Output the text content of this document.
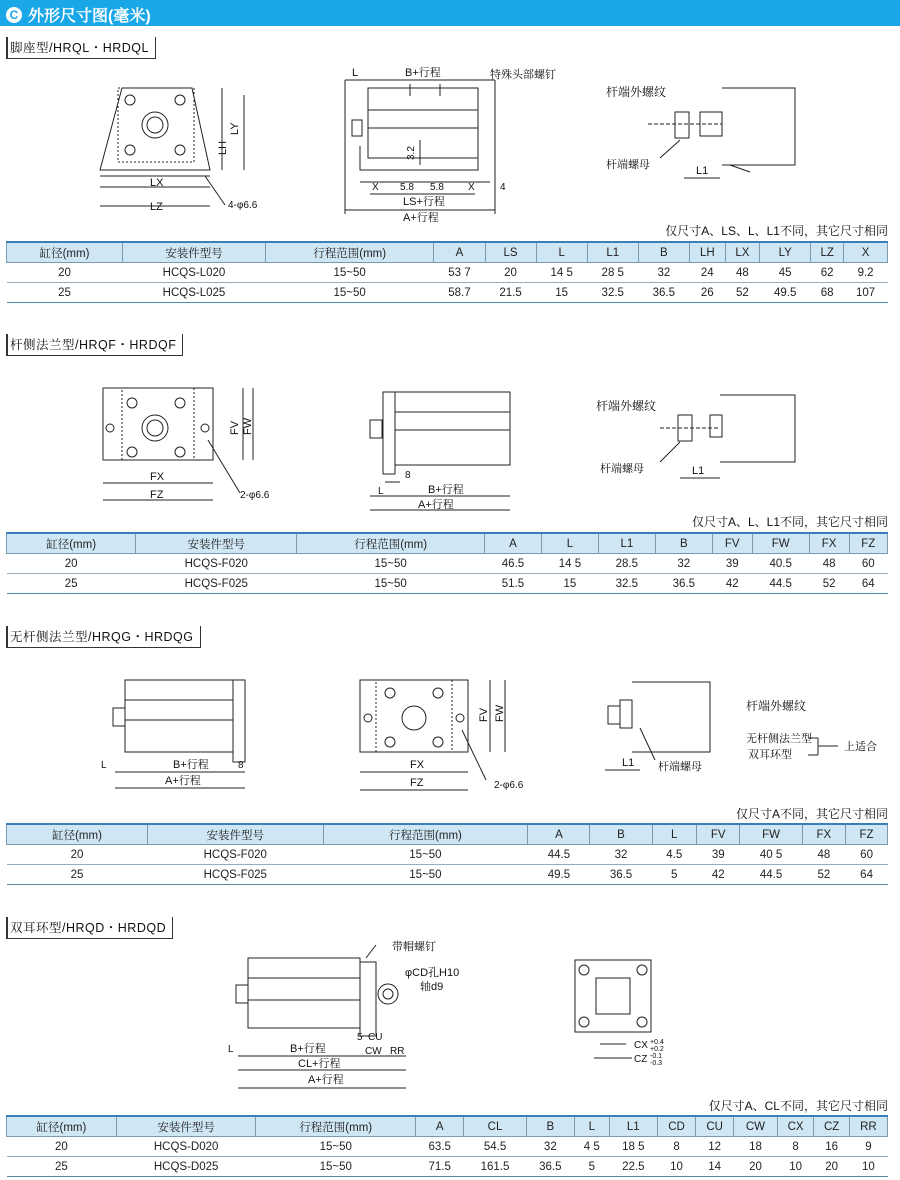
C 外形尺寸图(毫米)
脚座型/HRQL・HRDQL
LX
LZ	4-φ6.6
LY
LH
B+行程	特殊头部螺钉
L
3.2
X 5.8 5.8 X	4
LS+行程
A+行程
杆端外螺纹
杆端螺母	L1
仅尺寸A、LS、L、L1不同，其它尺寸相同
缸径(mm)	安装件型号	行程范围(mm)	A	LS	L	L1	B	LH	LX	LY	LZ	X
20	HCQS-L020	15~50	53 7	20	14 5	28 5	32	24	48	45	62	9.2
25	HCQS-L025	15~50	58.7	21.5	15	32.5	36.5	26	52	49.5	68	107
杆侧法兰型/HRQF・HRDQF
FX
FZ
FV FW
2-φ6.6
8
L	B+行程
A+行程
杆端外螺纹
杆端螺母	L1
仅尺寸A、L、L1不同，其它尺寸相同
缸径(mm)	安装件型号	行程范围(mm)	A	L	L1	B	FV	FW	FX	FZ
20	HCQS-F020	15~50	46.5	14 5	28.5	32	39	40.5	48	60
25	HCQS-F025	15~50	51.5	15	32.5	36.5	42	44.5	52	64
无杆侧法兰型/HRQG・HRDQG
B+行程
A+行程
L	8	FX
FZ
FV FW
2-φ6.6
杆端外螺纹
无杆侧法兰型
双耳环型
上适合
L1 杆端螺母
仅尺寸A不同，其它尺寸相同
缸径(mm)	安装件型号	行程范围(mm)	A	B	L	FV	FW	FX	FZ
20	HCQS-F020	15~50	44.5	32	4.5	39	40 5	48	60
25	HCQS-F025	15~50	49.5	36.5	5	42	44.5	52	64
双耳环型/HRQD・HRDQD
带帽螺钉
φCD孔H10
轴d9
L
5 CU
CW RR
B+行程
CL+行程
A+行程
CX +0.4
+0.2
CZ -0.1
-0.3
仅尺寸A、CL不同，其它尺寸相同
缸径(mm)	安装件型号	行程范围(mm)	A	CL	B	L	L1	CD	CU	CW	CX	CZ	RR
20	HCQS-D020	15~50	63.5	54.5	32	4 5	18 5	8	12	18	8	16	9
25	HCQS-D025	15~50	71.5	161.5	36.5	5	22.5	10	14	20	10	20	10
